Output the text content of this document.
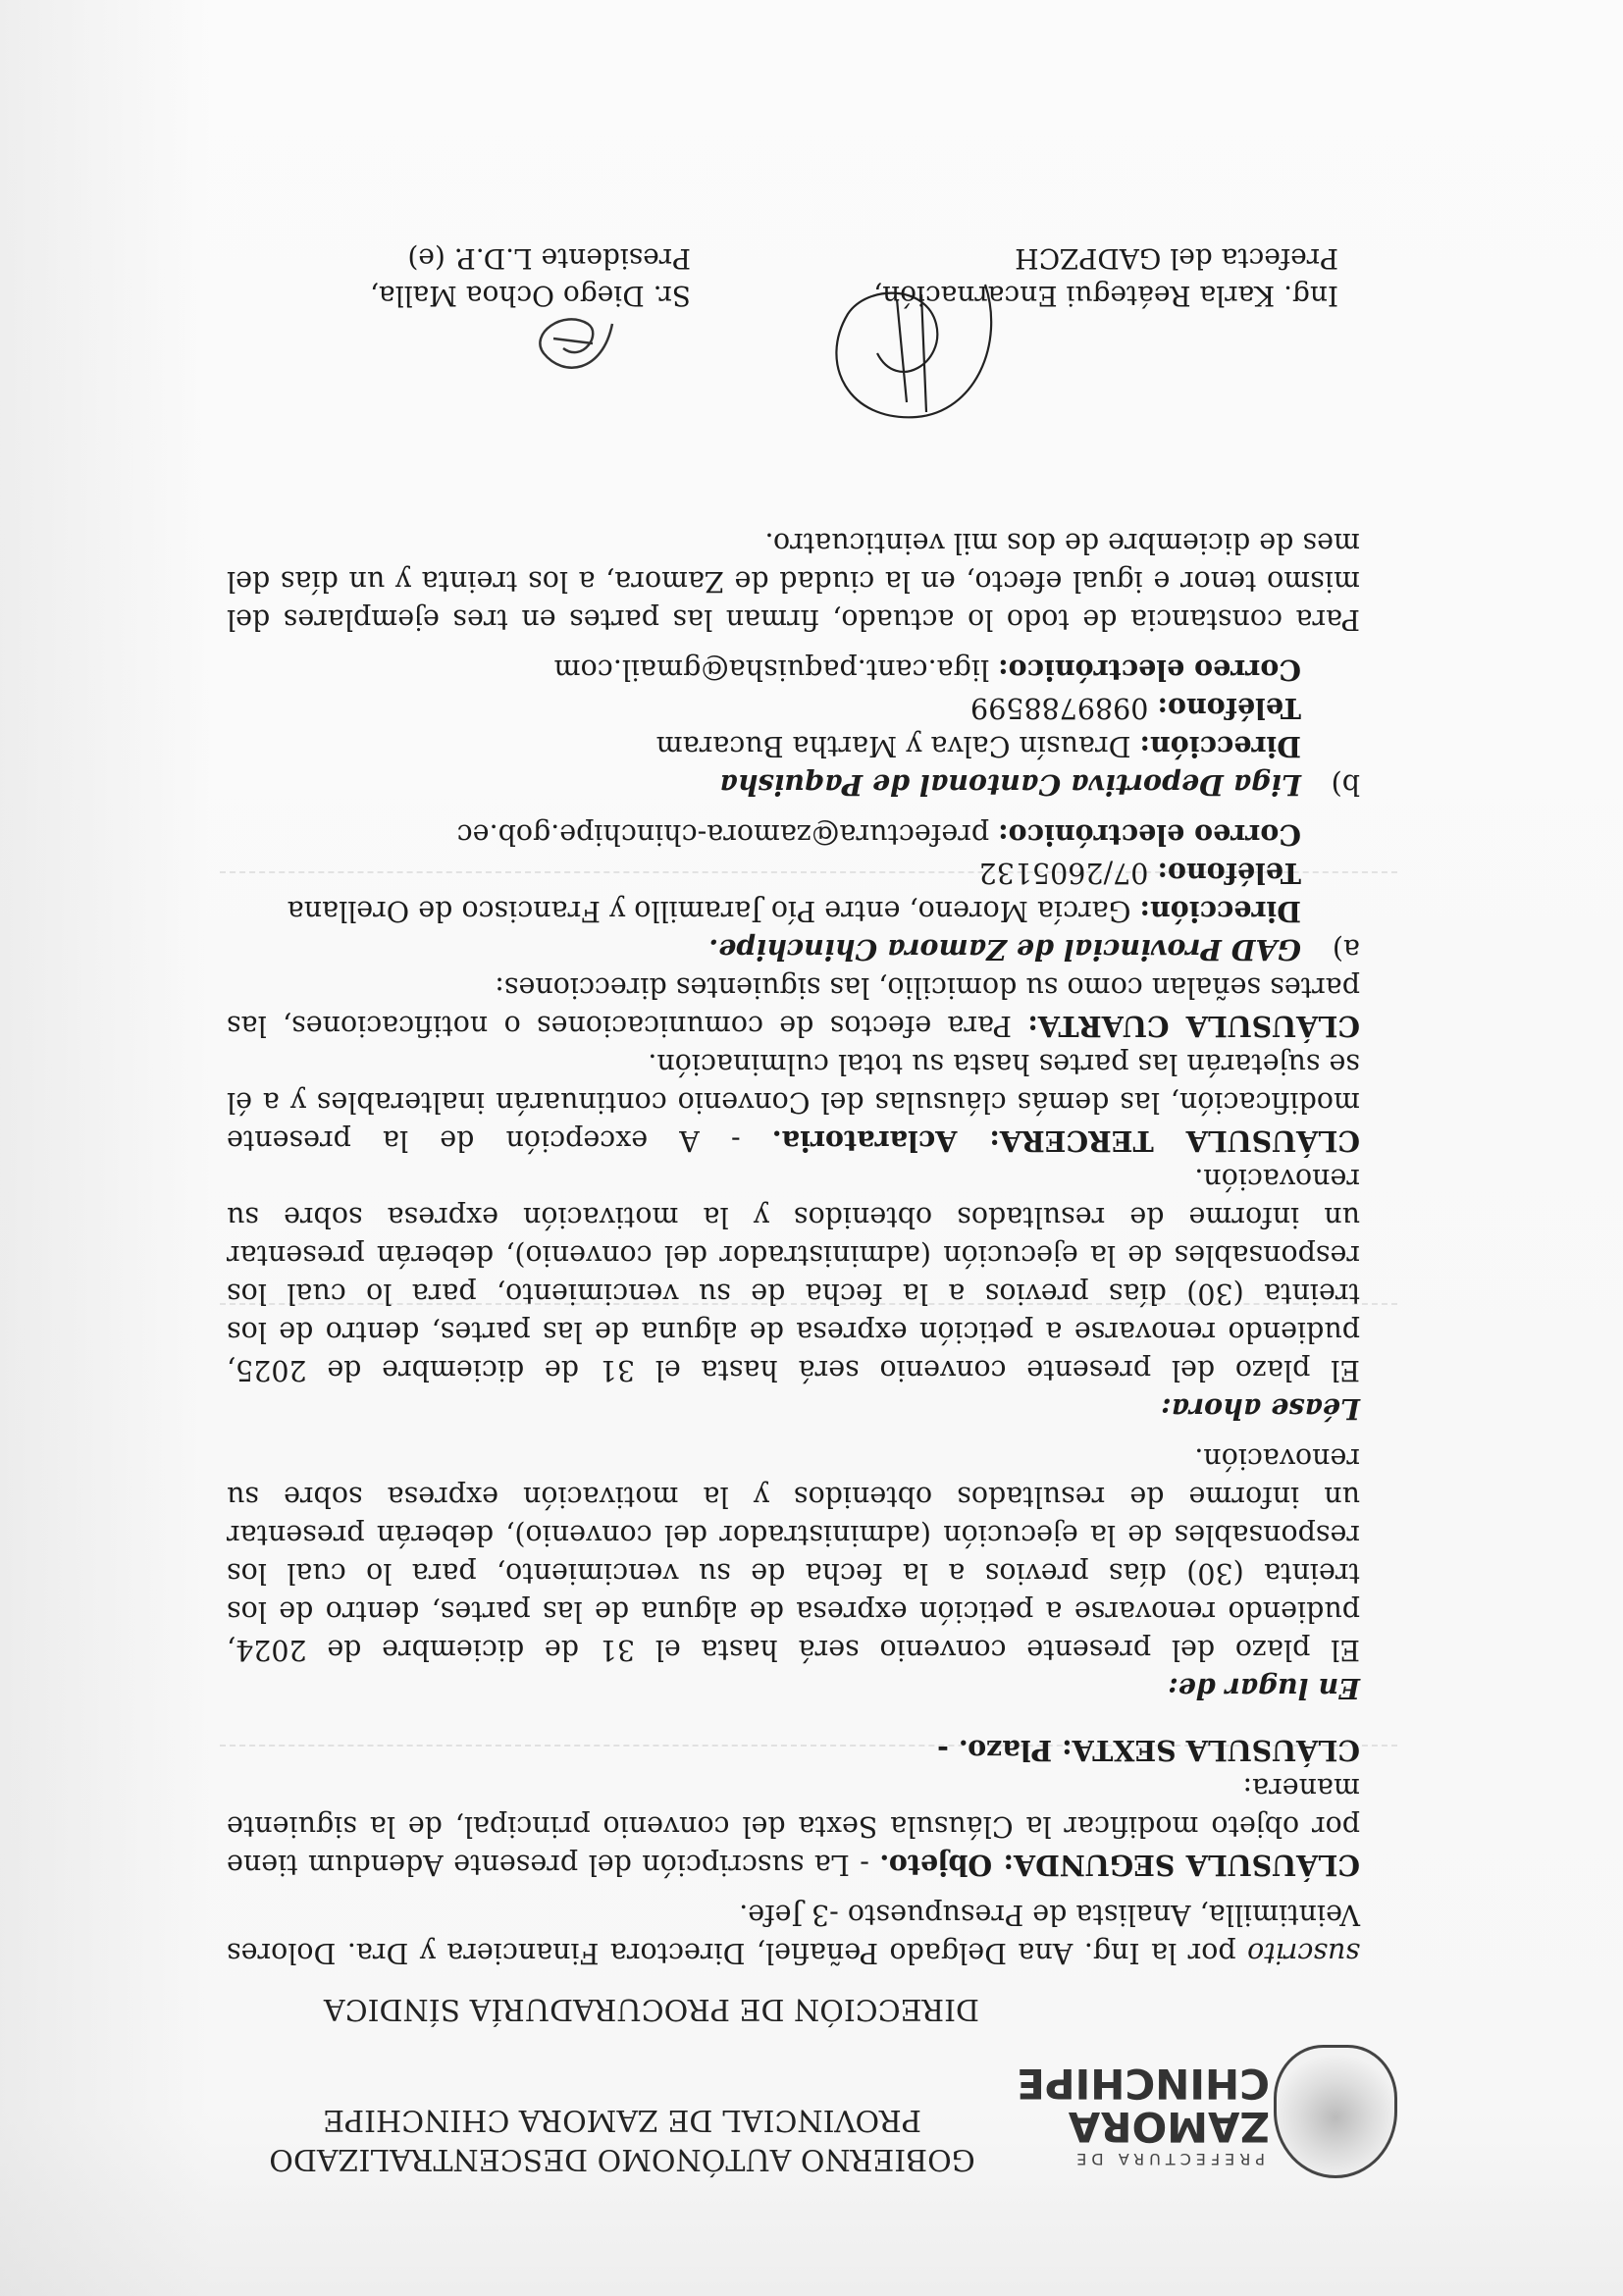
PREFECTURA DE
ZAMORA
CHINCHIPE
GOBIERNO AUTÓNOMO DESCENTRALIZADO
PROVINCIAL DE ZAMORA CHINCHIPE
DIRECCIÓN DE PROCURADURÍA SÍNDICA

suscrito por la Ing. Ana Delgado Peñafiel, Directora Financiera y Dra. Dolores Veintimilla, Analista de Presupuesto -3 Jefe.

CLÁUSULA SEGUNDA: Objeto. - La suscripción del presente Adendum tiene por objeto modificar la Cláusula Sexta del convenio principal, de la siguiente manera:

CLÁUSULA SEXTA: Plazo. -

En lugar de:

El plazo del presente convenio será hasta el 31 de diciembre de 2024, pudiendo renovarse a petición expresa de alguna de las partes, dentro de los treinta (30) días previos a la fecha de su vencimiento, para lo cual los responsables de la ejecución (administrador del convenio), deberán presentar un informe de resultados obtenidos y la motivación expresa sobre su renovación.

Léase ahora:

El plazo del presente convenio será hasta el 31 de diciembre de 2025, pudiendo renovarse a petición expresa de alguna de las partes, dentro de los treinta (30) días previos a la fecha de su vencimiento, para lo cual los responsables de la ejecución (administrador del convenio), deberán presentar un informe de resultados obtenidos y la motivación expresa sobre su renovación.

CLÁUSULA TERCERA: Aclaratoria. - A excepción de la presente modificación, las demás cláusulas del Convenio continuarán inalterables y a él se sujetarán las partes hasta su total culminación.

CLÁUSULA CUARTA: Para efectos de comunicaciones o notificaciones, las partes señalan como su domicilio, las siguientes direcciones:

a)
GAD Provincial de Zamora Chinchipe.

Dirección: García Moreno, entre Pío Jaramillo y Francisco de Orellana

Teléfono: 07/2605132

Correo electrónico: prefectura@zamora-chinchipe.gob.ec

b)
Liga Deportiva Cantonal de Paquisha

Dirección: Drausín Calva y Martha Bucaram

Teléfono: 0989788599

Correo electrónico: liga.cant.paquisha@gmail.com

Para constancia de todo lo actuado, firman las partes en tres ejemplares del mismo tenor e igual efecto, en la ciudad de Zamora, a los treinta y un días del mes de diciembre de dos mil veinticuatro.

Ing. Karla Reátegui Encarnación,
Prefecta del GADPZCH
Sr. Diego Ochoa Malla,
Presidente L.D.P. (e)
